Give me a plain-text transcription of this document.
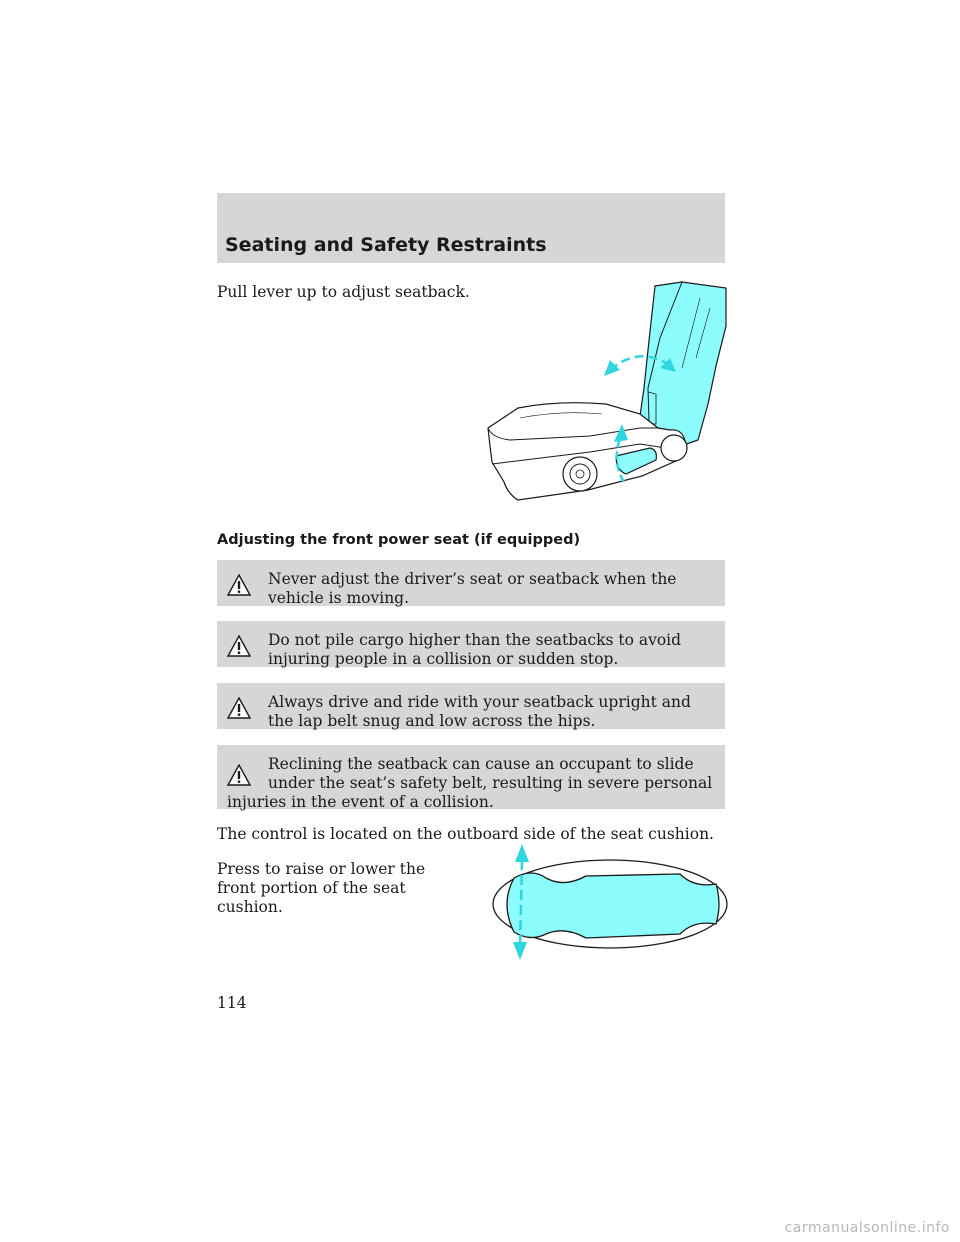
Seating and Safety Restraints
Pull lever up to adjust seatback.
Adjusting the front power seat (if equipped)
Never adjust the driver’s seat or seatback when the vehicle is moving.
Do not pile cargo higher than the seatbacks to avoid injuring people in a collision or sudden stop.
Always drive and ride with your seatback upright and the lap belt snug and low across the hips.
Reclining the seatback can cause an occupant to slide under the seat’s safety belt, resulting in severe personal injuries in the event of a collision.
The control is located on the outboard side of the seat cushion.
Press to raise or lower the front portion of the seat cushion.
114
carmanualsonline.info
